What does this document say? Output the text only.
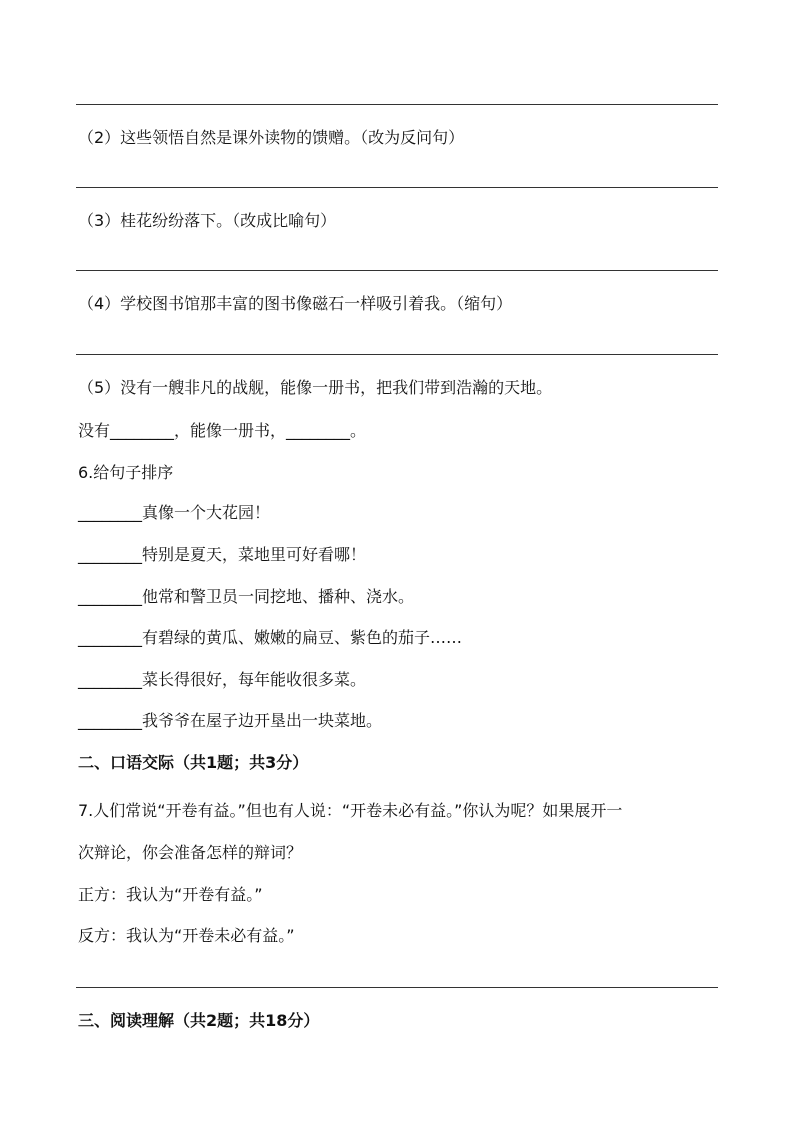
（2）这些领悟自然是课外读物的馈赠。（改为反问句）
（3）桂花纷纷落下。（改成比喻句）
（4）学校图书馆那丰富的图书像磁石一样吸引着我。（缩句）
（5）没有一艘非凡的战舰，能像一册书，把我们带到浩瀚的天地。
没有________，能像一册书，________。
6.给句子排序
________真像一个大花园！
________特别是夏天，菜地里可好看哪！
________他常和警卫员一同挖地、播种、浇水。
________有碧绿的黄瓜、嫩嫩的扁豆、紫色的茄子……
________菜长得很好，每年能收很多菜。
________我爷爷在屋子边开垦出一块菜地。
二、口语交际（共1题；共3分）
7.人们常说“开卷有益。”但也有人说：“开卷未必有益。”你认为呢？如果展开一
次辩论，你会准备怎样的辩词？
正方：我认为“开卷有益。”
反方：我认为“开卷未必有益。”
三、阅读理解（共2题；共18分）
